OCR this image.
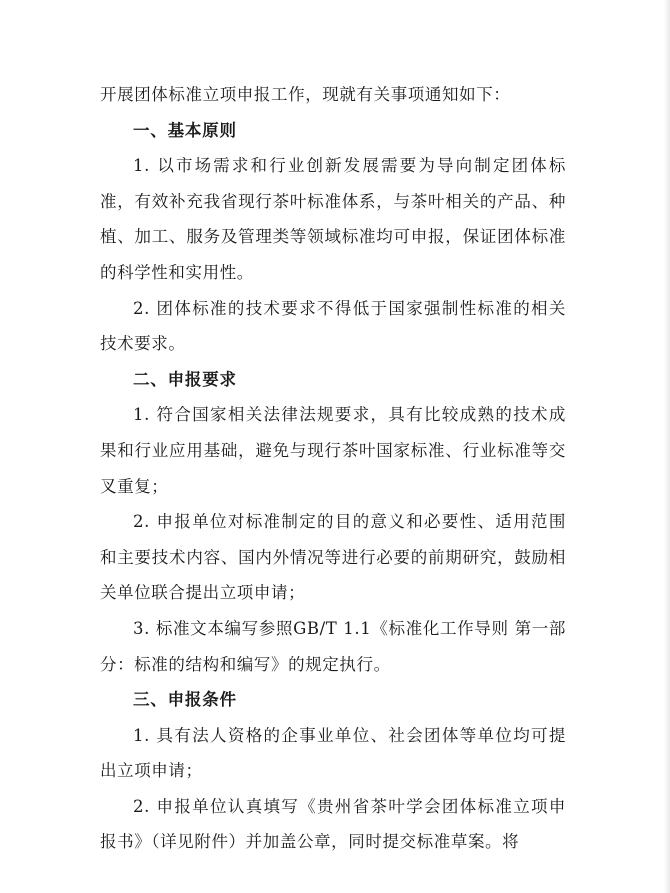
开展团体标准立项申报工作，现就有关事项通知如下：

一、基本原则

1. 以市场需求和行业创新发展需要为导向制定团体标准，有效补充我省现行茶叶标准体系，与茶叶相关的产品、种植、加工、服务及管理类等领域标准均可申报，保证团体标准的科学性和实用性。

2. 团体标准的技术要求不得低于国家强制性标准的相关技术要求。

二、申报要求

1. 符合国家相关法律法规要求，具有比较成熟的技术成果和行业应用基础，避免与现行茶叶国家标准、行业标准等交叉重复；

2. 申报单位对标准制定的目的意义和必要性、适用范围和主要技术内容、国内外情况等进行必要的前期研究，鼓励相关单位联合提出立项申请；

3. 标准文本编写参照GB/T 1.1《标准化工作导则 第一部分：标准的结构和编写》的规定执行。

三、申报条件

1. 具有法人资格的企事业单位、社会团体等单位均可提出立项申请；

2. 申报单位认真填写《贵州省茶叶学会团体标准立项申报书》（详见附件）并加盖公章，同时提交标准草案。将
